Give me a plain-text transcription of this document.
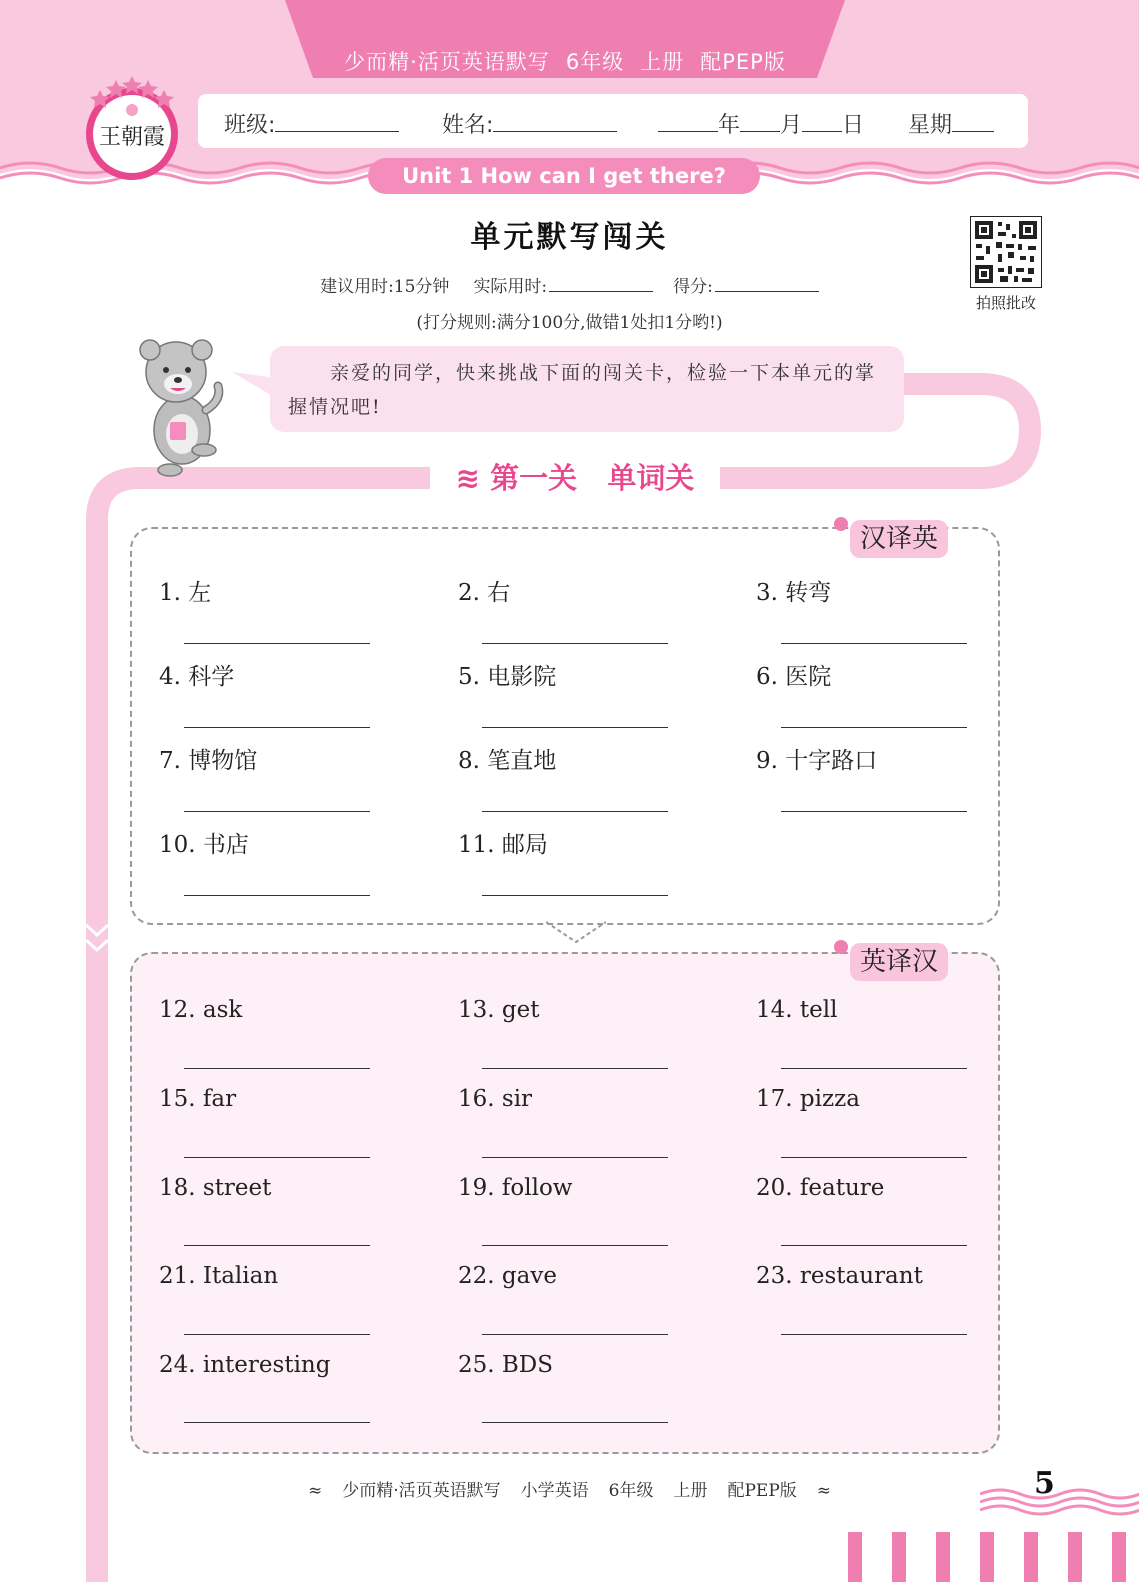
少而精·活页英语默写 6年级 上册 配PEP版
班级:	姓名:	年 月 日 星期
王朝霞
Unit 1 How can I get there?
单元默写闯关
建议用时:15分钟 实际用时:	得分:
(打分规则:满分100分,做错1处扣1分哟!)
拍照批改
亲爱的同学，快来挑战下面的闯关卡，检验一下本单元的掌握情况吧!
≋ 第一关   单词关
汉译英
1. 左	2. 右	3. 转弯
4. 科学	5. 电影院	6. 医院
7. 博物馆	8. 笔直地	9. 十字路口
10. 书店	11. 邮局
英译汉
12. ask	13. get	14. tell
15. far	16. sir	17. pizza
18. street	19. follow	20. feature
21. Italian	22. gave	23. restaurant
24. interesting	25. BDS
≈ 少而精·活页英语默写 小学英语 6年级 上册 配PEP版 ≈	5
